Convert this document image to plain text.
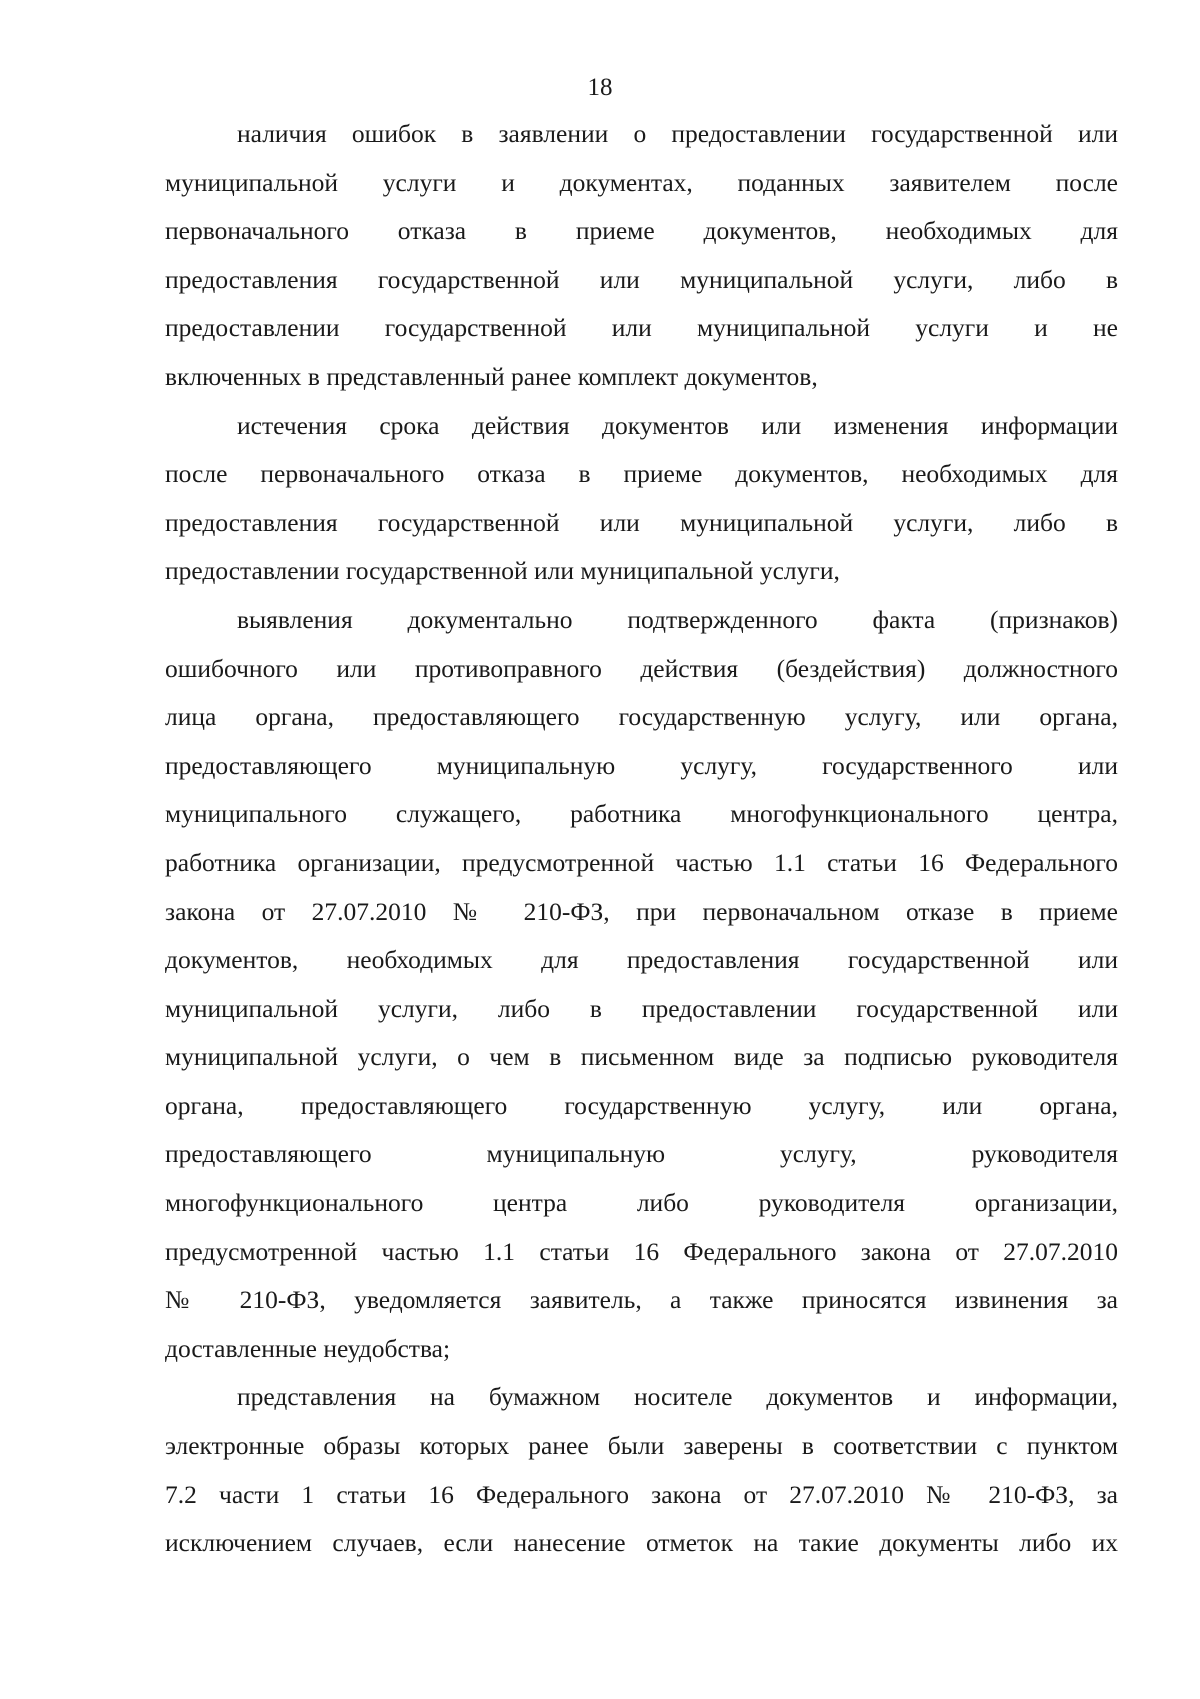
18

наличия ошибок в заявлении о предоставлении государственной или
муниципальной услуги и документах, поданных заявителем после
первоначального отказа в приеме документов, необходимых для
предоставления государственной или муниципальной услуги, либо в
предоставлении государственной или муниципальной услуги и не
включенных в представленный ранее комплект документов,

истечения срока действия документов или изменения информации
после первоначального отказа в приеме документов, необходимых для
предоставления государственной или муниципальной услуги, либо в
предоставлении государственной или муниципальной услуги,

выявления документально подтвержденного факта (признаков)
ошибочного или противоправного действия (бездействия) должностного
лица органа, предоставляющего государственную услугу, или органа,
предоставляющего муниципальную услугу, государственного или
муниципального служащего, работника многофункционального центра,
работника организации, предусмотренной частью 1.1 статьи 16 Федерального
закона от 27.07.2010 № 210-ФЗ, при первоначальном отказе в приеме
документов, необходимых для предоставления государственной или
муниципальной услуги, либо в предоставлении государственной или
муниципальной услуги, о чем в письменном виде за подписью руководителя
органа, предоставляющего государственную услугу, или органа,
предоставляющего муниципальную услугу, руководителя
многофункционального центра либо руководителя организации,
предусмотренной частью 1.1 статьи 16 Федерального закона от 27.07.2010
№ 210-ФЗ, уведомляется заявитель, а также приносятся извинения за
доставленные неудобства;

представления на бумажном носителе документов и информации,
электронные образы которых ранее были заверены в соответствии с пунктом
7.2 части 1 статьи 16 Федерального закона от 27.07.2010 № 210-ФЗ, за
исключением случаев, если нанесение отметок на такие документы либо их
